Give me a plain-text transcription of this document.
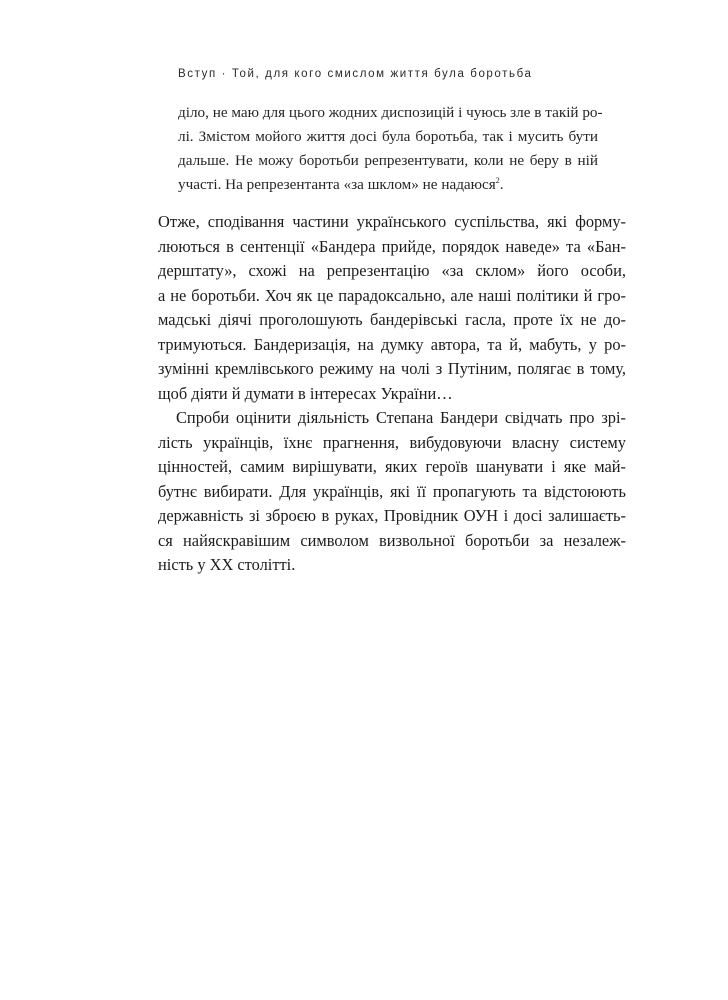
Вступ · Той, для кого смислом життя була боротьба
діло, не маю для цього жодних диспозицій і чуюсь зле в такій ро-
лі. Змістом мойого життя досі була боротьба, так і мусить бути
дальше. Не можу боротьби репрезентувати, коли не беру в ній
участі. На репрезентанта «за шклом» не надаюся$^2$.
Отже, сподівання частини українського суспільства, які форму-
люються в сентенції «Бандера прийде, порядок наведе» та «Бан-
дерштату», схожі на репрезентацію «за склом» його особи,
а не боротьби. Хоч як це парадоксально, але наші політики й гро-
мадські діячі проголошують бандерівські гасла, проте їх не до-
тримуються. Бандеризація, на думку автора, та й, мабуть, у ро-
зумінні кремлівського режиму на чолі з Путіним, полягає в тому,
щоб діяти й думати в інтересах України…
Спроби оцінити діяльність Степана Бандери свідчать про зрі-
лість українців, їхнє прагнення, вибудовуючи власну систему
цінностей, самим вирішувати, яких героїв шанувати і яке май-
бутнє вибирати. Для українців, які її пропагують та відстоюють
державність зі зброєю в руках, Провідник ОУН і досі залишаєть-
ся найяскравішим символом визвольної боротьби за незалеж-
ність у ХХ столітті.
